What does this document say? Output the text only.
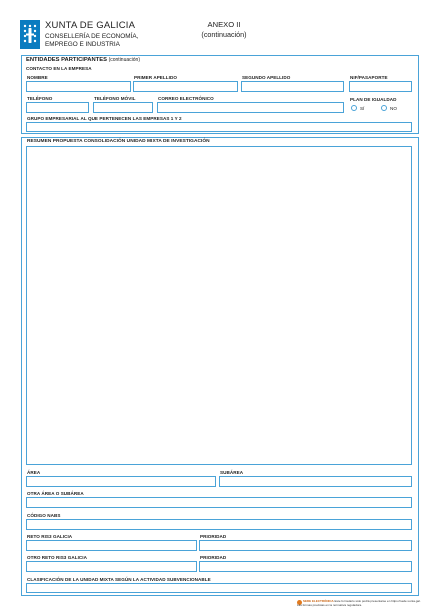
XUNTA DE GALICIA
CONSELLERÍA DE ECONOMÍA,
EMPREGO E INDUSTRIA
ANEXO II
(continuación)
ENTIDADES PARTICIPANTES (continuación)
CONTACTO EN LA EMPRESA
NOMBRE	PRIMER APELLIDO	SEGUNDO APELLIDO	NIF/PASAPORTE
TELÉFONO	TELÉFONO MÓVIL	CORREO ELECTRÓNICO	PLAN DE IGUALDAD
SÍ	NO
GRUPO EMPRESARIAL AL QUE PERTENECEN LAS EMPRESAS 1 Y 2
RESUMEN PROPUESTA CONSOLIDACIÓN UNIDAD MIXTA DE INVESTIGACIÓN
ÁREA	SUBÁREA
OTRA ÁREA O SUBÁREA
CÓDIGO NABS
RETO RIS3 GALICIA	PRIORIDAD
OTRO RETO RIS3 GALICIA	PRIORIDAD
CLASIFICACIÓN DE LA UNIDAD MIXTA SEGÚN LA ACTIVIDAD SUBVENCIONABLE
SEDE ELECTRÓNICA Este formulario sólo podrá presentarse en https://sede.xunta.gal. Las formas previstas en la normativa reguladora.
